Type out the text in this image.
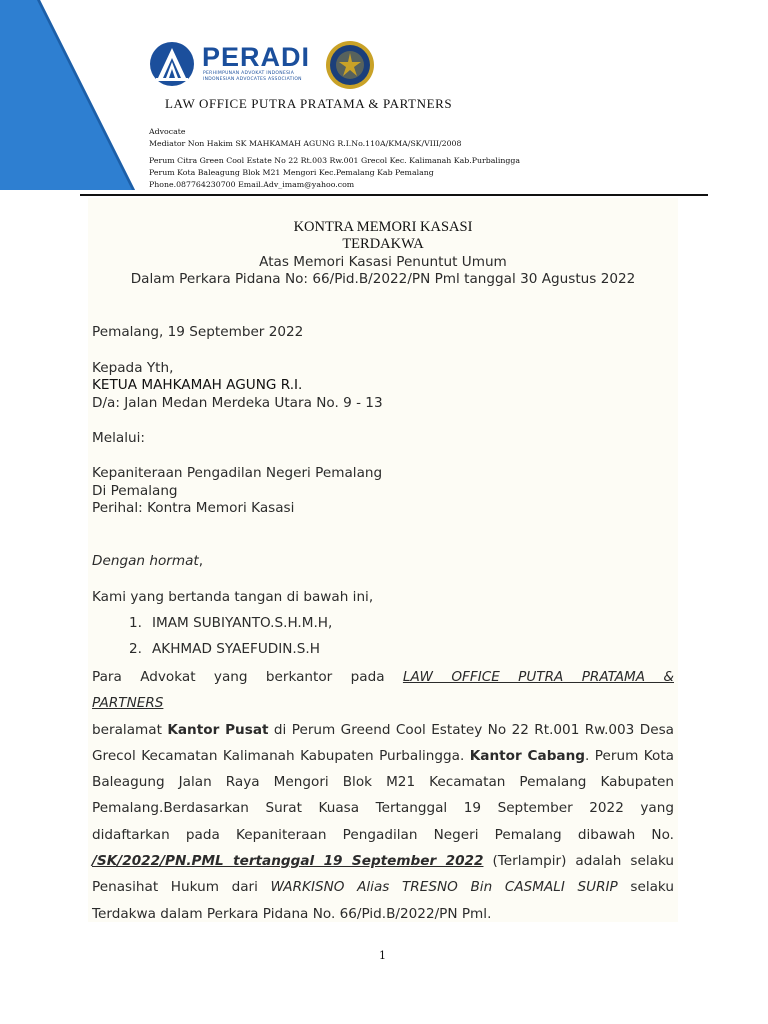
PERADI
PERHIMPUNAN ADVOKAT INDONESIA
INDONESIAN ADVOCATES ASSOCIATION
LAW OFFICE PUTRA PRATAMA & PARTNERS
Advocate
Mediator Non Hakim SK MAHKAMAH AGUNG R.I.No.110A/KMA/SK/VIII/2008
Perum Citra Green Cool Estate No 22 Rt.003 Rw.001 Grecol Kec. Kalimanah Kab.Purbalingga
Perum Kota Baleagung Blok M21 Mengori Kec.Pemalang Kab Pemalang
Phone.087764230700 Email.Adv_imam@yahoo.com
KONTRA MEMORI KASASI
TERDAKWA
Atas Memori Kasasi Penuntut Umum
Dalam Perkara Pidana No: 66/Pid.B/2022/PN Pml tanggal 30 Agustus 2022
Pemalang, 19 September 2022
Kepada Yth,
KETUA MAHKAMAH AGUNG R.I.
D/a: Jalan Medan Merdeka Utara No. 9 - 13
Melalui:
Kepaniteraan Pengadilan Negeri Pemalang
Di Pemalang
Perihal: Kontra Memori Kasasi
Dengan hormat,
Kami yang bertanda tangan di bawah ini,
1. IMAM SUBIYANTO.S.H.M.H,
2. AKHMAD SYAEFUDIN.S.H
Para Advokat yang berkantor pada LAW OFFICE PUTRA PRATAMA &
PARTNERS
beralamat Kantor Pusat di Perum Greend Cool Estatey No 22 Rt.001 Rw.003 Desa
Grecol Kecamatan Kalimanah Kabupaten Purbalingga. Kantor Cabang. Perum Kota
Baleagung Jalan Raya Mengori Blok M21 Kecamatan Pemalang Kabupaten
Pemalang.Berdasarkan Surat Kuasa Tertanggal 19 September 2022 yang
didaftarkan pada Kepaniteraan Pengadilan Negeri Pemalang dibawah No.
/SK/2022/PN.PML tertanggal 19 September 2022 (Terlampir) adalah selaku
Penasihat Hukum dari WARKISNO Alias TRESNO Bin CASMALI SURIP selaku
Terdakwa dalam Perkara Pidana No. 66/Pid.B/2022/PN Pml.
1
